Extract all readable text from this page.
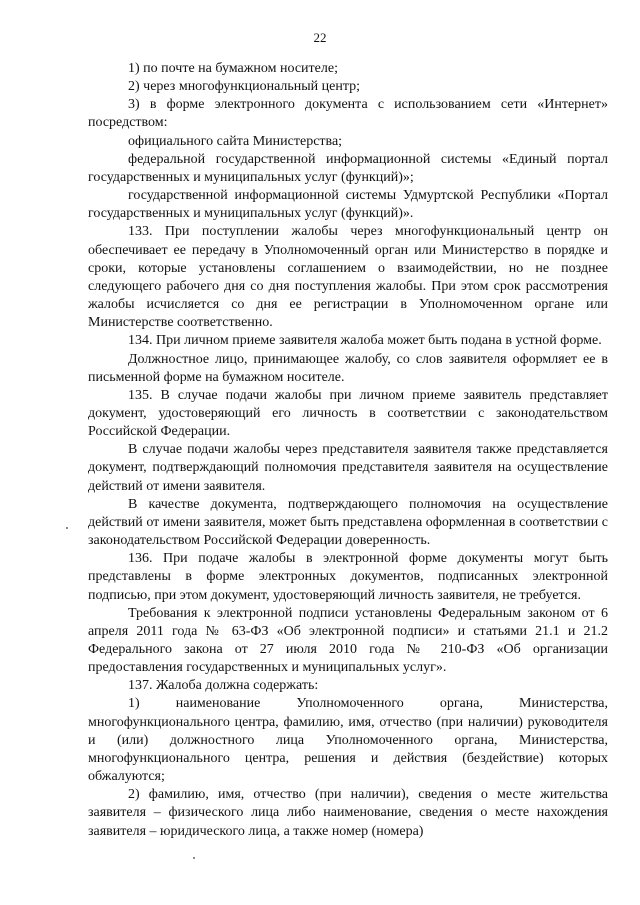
22

1) по почте на бумажном носителе;

2) через многофункциональный центр;

3) в форме электронного документа с использованием сети «Интернет» посредством:

официального сайта Министерства;

федеральной государственной информационной системы «Единый портал государственных и муниципальных услуг (функций)»;

государственной информационной системы Удмуртской Республики «Портал государственных и муниципальных услуг (функций)».

133. При поступлении жалобы через многофункциональный центр он обеспечивает ее передачу в Уполномоченный орган или Министерство в порядке и сроки, которые установлены соглашением о взаимодействии, но не позднее следующего рабочего дня со дня поступления жалобы. При этом срок рассмотрения жалобы исчисляется со дня ее регистрации в Уполномоченном органе или Министерстве соответственно.

134. При личном приеме заявителя жалоба может быть подана в устной форме.

Должностное лицо, принимающее жалобу, со слов заявителя оформляет ее в письменной форме на бумажном носителе.

135. В случае подачи жалобы при личном приеме заявитель представляет документ, удостоверяющий его личность в соответствии с законодательством Российской Федерации.

В случае подачи жалобы через представителя заявителя также представляется документ, подтверждающий полномочия представителя заявителя на осуществление действий от имени заявителя.

В качестве документа, подтверждающего полномочия на осуществление действий от имени заявителя, может быть представлена оформленная в соответствии с законодательством Российской Федерации доверенность.

136. При подаче жалобы в электронной форме документы могут быть представлены в форме электронных документов, подписанных электронной подписью, при этом документ, удостоверяющий личность заявителя, не требуется.

Требования к электронной подписи установлены Федеральным законом от 6 апреля 2011 года № 63-ФЗ «Об электронной подписи» и статьями 21.1 и 21.2 Федерального закона от 27 июля 2010 года № 210-ФЗ «Об организации предоставления государственных и муниципальных услуг».

137. Жалоба должна содержать:

1) наименование Уполномоченного органа, Министерства, многофункционального центра, фамилию, имя, отчество (при наличии) руководителя и (или) должностного лица Уполномоченного органа, Министерства, многофункционального центра, решения и действия (бездействие) которых обжалуются;

2) фамилию, имя, отчество (при наличии), сведения о месте жительства заявителя – физического лица либо наименование, сведения о месте нахождения заявителя – юридического лица, а также номер (номера)
